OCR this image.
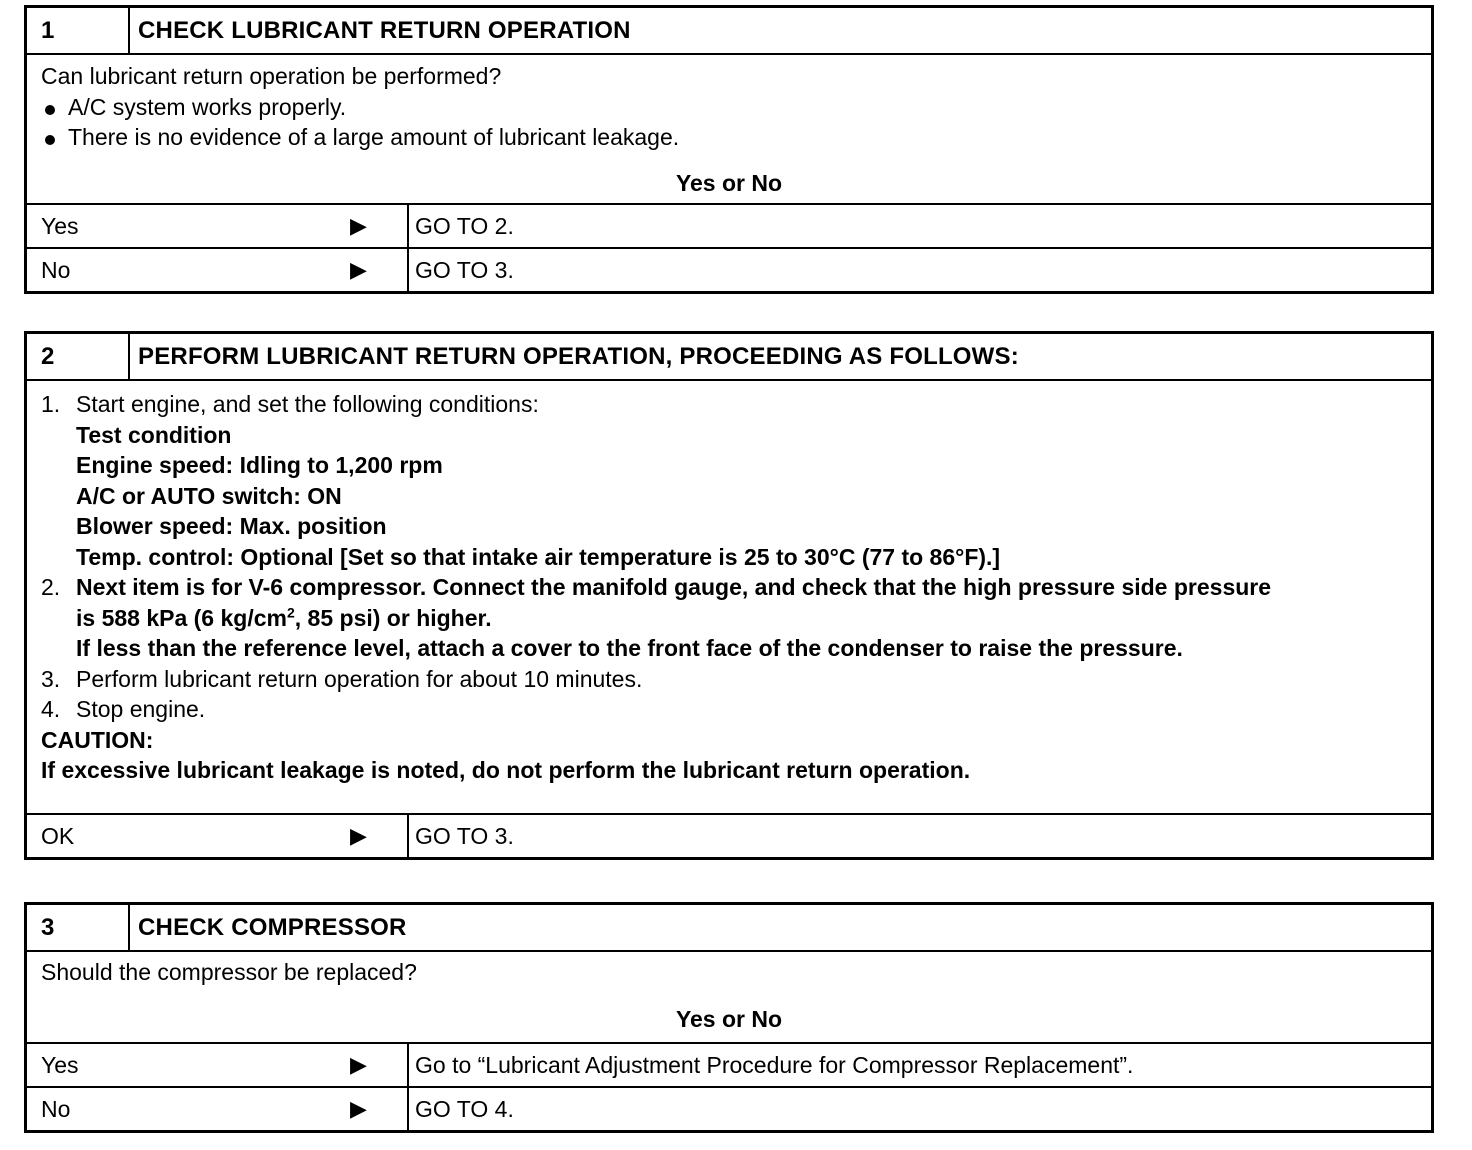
1	CHECK LUBRICANT RETURN OPERATION

Can lubricant return operation be performed?

A/C system works properly.

There is no evidence of a large amount of lubricant leakage.

Yes or No

Yes	▶ GO TO 2.
No	▶ GO TO 3.
2	PERFORM LUBRICANT RETURN OPERATION, PROCEEDING AS FOLLOWS:
1. Start engine, and set the following conditions:

Test condition

Engine speed: Idling to 1,200 rpm

A/C or AUTO switch: ON

Blower speed: Max. position

Temp. control: Optional [Set so that intake air temperature is 25 to 30°C (77 to 86°F).]

2. Next item is for V-6 compressor. Connect the manifold gauge, and check that the high pressure side pressure

is 588 kPa (6 $kg/cm^2$, 85 psi) or higher.

If less than the reference level, attach a cover to the front face of the condenser to raise the pressure.

3. Perform lubricant return operation for about 10 minutes.
4. Stop engine.

CAUTION:

If excessive lubricant leakage is noted, do not perform the lubricant return operation.

OK	▶ GO TO 3.
3	CHECK COMPRESSOR

Should the compressor be replaced?

Yes or No

Yes	▶ Go to “Lubricant Adjustment Procedure for Compressor Replacement”.
No	▶ GO TO 4.
